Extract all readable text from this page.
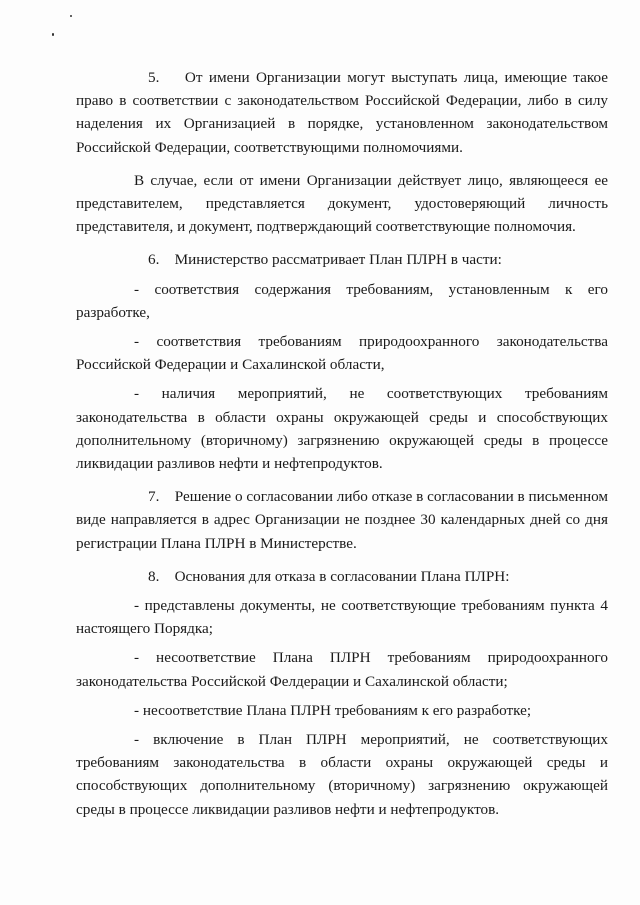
5.    От имени Организации могут выступать лица, имеющие такое право в соответствии с законодательством Российской Федерации, либо в силу наделения их Организацией в порядке, установленном законодательством Российской Федерации, соответствующими полномочиями.

В случае, если от имени Организации действует лицо, являющееся ее представителем, представляется документ, удостоверяющий личность представителя, и документ, подтверждающий соответствующие полномочия.

6.    Министерство рассматривает План ПЛРН в части:

- соответствия содержания требованиям, установленным к его разработке,

- соответствия требованиям природоохранного законодательства Российской Федерации и Сахалинской области,

- наличия мероприятий, не соответствующих требованиям законодательства в области охраны окружающей среды и способствующих дополнительному (вторичному) загрязнению окружающей среды в процессе ликвидации разливов нефти и нефтепродуктов.

7.    Решение о согласовании либо отказе в согласовании в письменном виде направляется в адрес Организации не позднее 30 календарных дней со дня регистрации Плана ПЛРН в Министерстве.

8.    Основания для отказа в согласовании Плана ПЛРН:

- представлены документы, не соответствующие требованиям пункта 4 настоящего Порядка;

- несоответствие Плана ПЛРН требованиям природоохранного законодательства Российской Фелдерации и Сахалинской области;

- несоответствие Плана ПЛРН требованиям к его разработке;

- включение в План ПЛРН мероприятий, не соответствующих требованиям законодательства в области охраны окружающей среды и способствующих дополнительному (вторичному) загрязнению окружающей среды в процессе ликвидации разливов нефти и нефтепродуктов.
